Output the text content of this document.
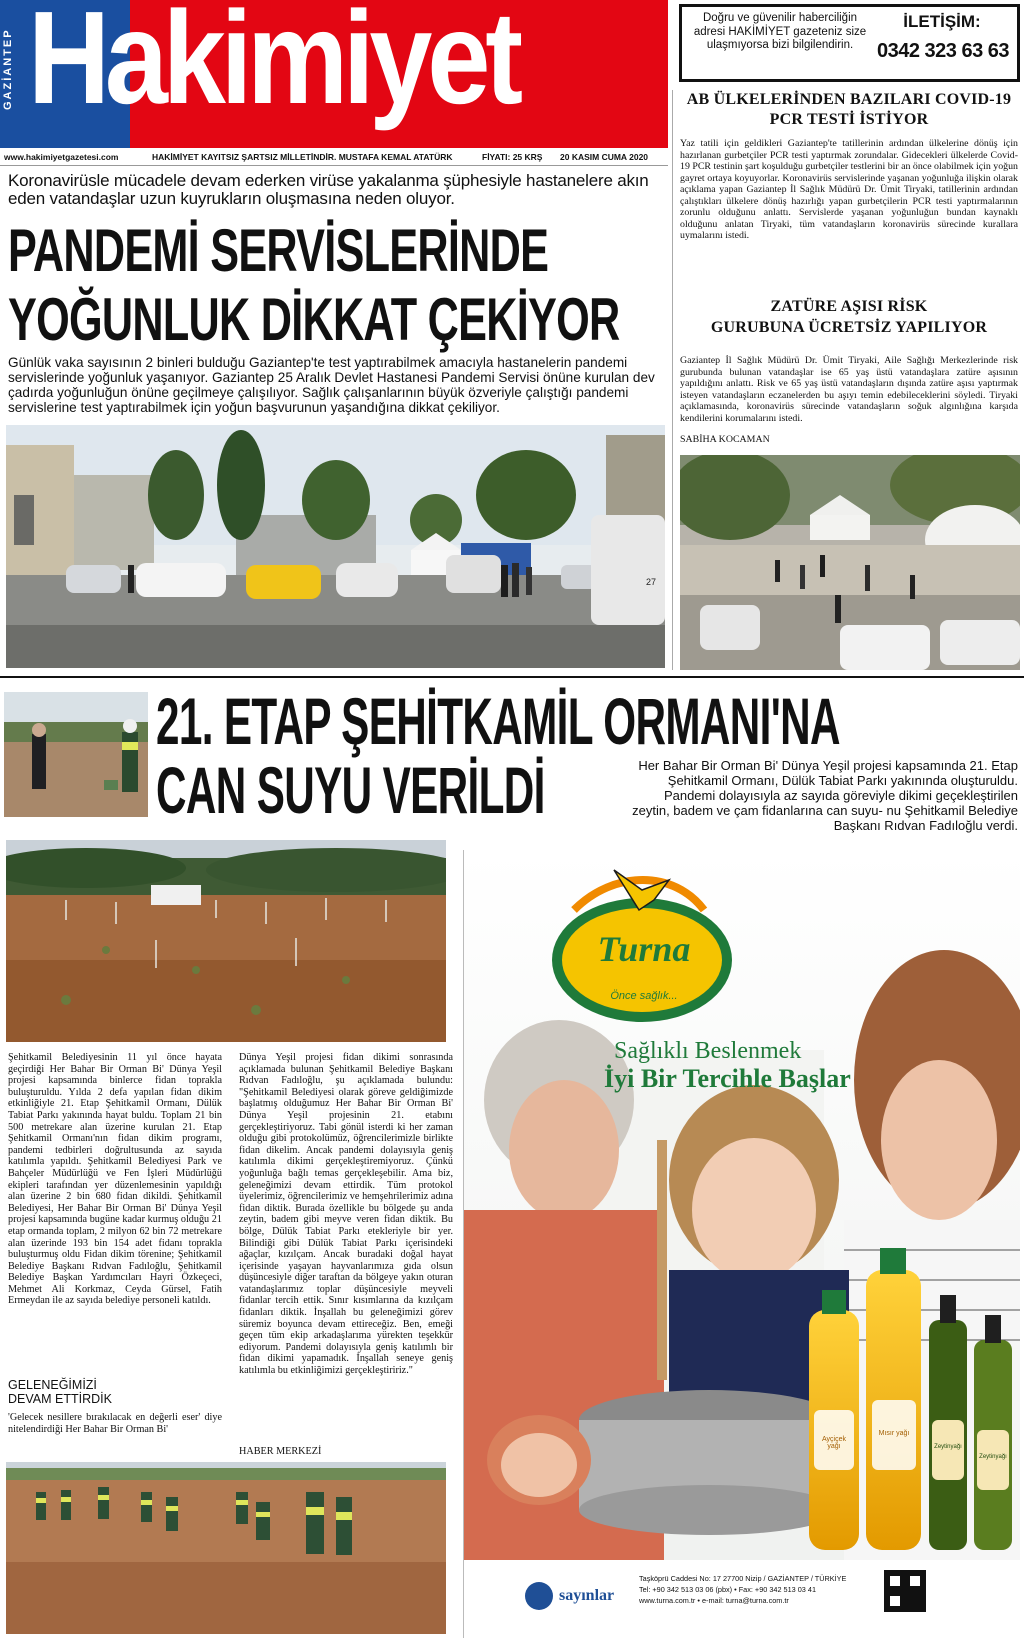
GAZİANTEP Hakimiyet	Doğru ve güvenilir haberciliğin adresi HAKİMİYET gazeteniz size ulaşmıyorsa bizi bilgilendirin.
İLETİŞİM:
0342 323 63 63
www.hakimiyetgazetesi.com	HAKİMİYET KAYITSIZ ŞARTSIZ MİLLETİNDİR. MUSTAFA KEMAL ATATÜRK	FİYATI: 25 KRŞ 20 KASIM CUMA 2020
Koronavirüsle mücadele devam ederken virüse yakalanma şüphesiyle hastanelere akın eden vatandaşlar uzun kuyrukların oluşmasına neden oluyor.
PANDEMİ SERVİSLERİNDE
YOĞUNLUK DİKKAT ÇEKİYOR
Günlük vaka sayısının 2 binleri bulduğu Gaziantep'te test yaptırabilmek amacıyla hastanelerin pandemi servislerinde yoğunluk yaşanıyor. Gaziantep 25 Aralık Devlet Hastanesi Pandemi Servisi önüne kurulan dev çadırda yoğunluğun önüne geçilmeye çalışılıyor. Sağlık çalışanlarının büyük özveriyle çalıştığı pandemi servislerine test yaptırabilmek için yoğun başvurunun yaşandığına dikkat çekiliyor.
27
AB ÜLKELERİNDEN BAZILARI COVID-19 PCR TESTİ İSTİYOR
Yaz tatili için geldikleri Gaziantep'te tatillerinin ardından ülkelerine dönüş için hazırlanan gurbetçiler PCR testi yaptırmak zorundalar. Gidecekleri ülkelerde Covid-19 PCR testinin şart koşulduğu gurbetçiler testlerini bir an önce olabilmek için yoğun gayret ortaya koyuyorlar. Koronavirüs servislerinde yaşanan yoğunluğa ilişkin olarak açıklama yapan Gaziantep İl Sağlık Müdürü Dr. Ümit Tiryaki, tatillerinin ardından çalıştıkları ülkelere dönüş hazırlığı yapan gurbetçilerin PCR testi yaptırmalarının zorunlu olduğunu anlattı. Servislerde yaşanan yoğunluğun bundan kaynaklı olduğunu anlatan Tiryaki, tüm vatandaşların koronavirüs sürecinde kurallara uymalarını istedi.
ZATÜRE AŞISI RİSK
GURUBUNA ÜCRETSİZ YAPILIYOR
Gaziantep İl Sağlık Müdürü Dr. Ümit Tiryaki, Aile Sağlığı Merkezlerinde risk gurubunda bulunan vatandaşlar ise 65 yaş üstü vatandaşlara zatüre aşısının yapıldığını anlattı. Risk ve 65 yaş üstü vatandaşların dışında zatüre aşısı yaptırmak isteyen vatandaşların eczanelerden bu aşıyı temin edebileceklerini söyledi. Tiryaki açıklamasında, koronavirüs sürecinde vatandaşların soğuk algınlığına karşıda kendilerini korumalarını istedi.
SABİHA KOCAMAN
21. ETAP ŞEHİTKAMİL ORMANI'NA
CAN SUYU VERİLDİ	Her Bahar Bir Orman Bi' Dünya Yeşil projesi kapsamında 21. Etap Şehitkamil Ormanı, Dülük Tabiat Parkı yakınında oluşturuldu. Pandemi dolayısıyla az sayıda göreviyle dikimi geçekleştirilen zeytin, badem ve çam fidanlarına can suyu- nu Şehitkamil Belediye Başkanı Rıdvan Fadıloğlu verdi.
Şehitkamil Belediyesinin 11 yıl önce hayata geçirdiği Her Bahar Bir Orman Bi' Dünya Yeşil projesi kapsamında binlerce fidan toprakla buluşturuldu. Yılda 2 defa yapılan fidan dikim etkinliğiyle 21. Etap Şehitkamil Ormanı, Dülük Tabiat Parkı yakınında hayat buldu. Toplam 21 bin 500 metrekare alan üzerine kurulan 21. Etap Şehitkamil Ormanı'nın fidan dikim programı, pandemi tedbirleri doğrultusunda az sayıda katılımla yapıldı. Şehitkamil Belediyesi Park ve Bahçeler Müdürlüğü ve Fen İşleri Müdürlüğü ekipleri tarafından yer düzenlemesinin yapıldığı alan üzerine 2 bin 680 fidan dikildi. Şehitkamil Belediyesi, Her Bahar Bir Orman Bi' Dünya Yeşil projesi kapsamında bugüne kadar kurmuş olduğu 21 etap ormanda toplam, 2 milyon 62 bin 72 metrekare alan üzerinde 193 bin 154 adet fidanı toprakla buluşturmuş oldu Fidan dikim törenine; Şehitkamil Belediye Başkanı Rıdvan Fadıloğlu, Şehitkamil Belediye Başkan Yardımcıları Hayri Özkeçeci, Mehmet Ali Korkmaz, Ceyda Gürsel, Fatih Ermeydan ile az sayıda belediye personeli katıldı.
GELENEĞİMİZİ
DEVAM ETTİRDİK
'Gelecek nesillere bırakılacak en değerli eser' diye nitelendirdiği Her Bahar Bir Orman Bi'
Dünya Yeşil projesi fidan dikimi sonrasında açıklamada bulunan Şehitkamil Belediye Başkanı Rıdvan Fadıloğlu, şu açıklamada bulundu: "Şehitkamil Belediyesi olarak göreve geldiğimizde başlatmış olduğumuz Her Bahar Bir Orman Bi' Dünya Yeşil projesinin 21. etabını gerçekleştiriyoruz. Tabi gönül isterdi ki her zaman olduğu gibi protokolümüz, öğrencilerimizle birlikte fidan dikelim. Ancak pandemi dolayısıyla geniş katılımla dikimi gerçekleştiremiyoruz. Çünkü yoğunluğa bağlı temas gerçekleşebilir. Ama biz, geleneğimizi devam ettirdik. Tüm protokol üyelerimiz, öğrencilerimiz ve hemşehrilerimiz adına fidan diktik. Burada özellikle bu bölgede şu anda zeytin, badem gibi meyve veren fidan diktik. Bu bölge, Dülük Tabiat Parkı etekleriyle bir yer. Bilindiği gibi Dülük Tabiat Parkı içerisindeki ağaçlar, kızılçam. Ancak buradaki doğal hayat içerisinde yaşayan hayvanlarımıza gıda olsun düşüncesiyle diğer taraftan da bölgeye yakın oturan vatandaşlarımız toplar düşüncesiyle meyveli fidanlar tercih ettik. Sınır kısımlarına da kızılçam fidanları diktik. İnşallah bu geleneğimizi görev süremiz boyunca devam ettireceğiz. Ben, emeği geçen tüm ekip arkadaşlarıma yürekten teşekkür ediyorum. Pandemi dolayısıyla geniş katılımlı bir fidan dikimi yapamadık. İnşallah seneye geniş katılımla bu etkinliğimizi gerçekleştiririz."
HABER MERKEZİ
Turna
Önce sağlık...
Sağlıklı Beslenmek
İyi Bir Tercihle Başlar
Ayçiçek yağı
Mısır yağı
Zeytinyağı
Zeytinyağı
sayınlar
Taşköprü Caddesi No: 17 27700 Nizip / GAZİANTEP / TÜRKİYE
Tel: +90 342 513 03 06 (pbx) • Fax: +90 342 513 03 41
www.turna.com.tr • e-mail: turna@turna.com.tr
